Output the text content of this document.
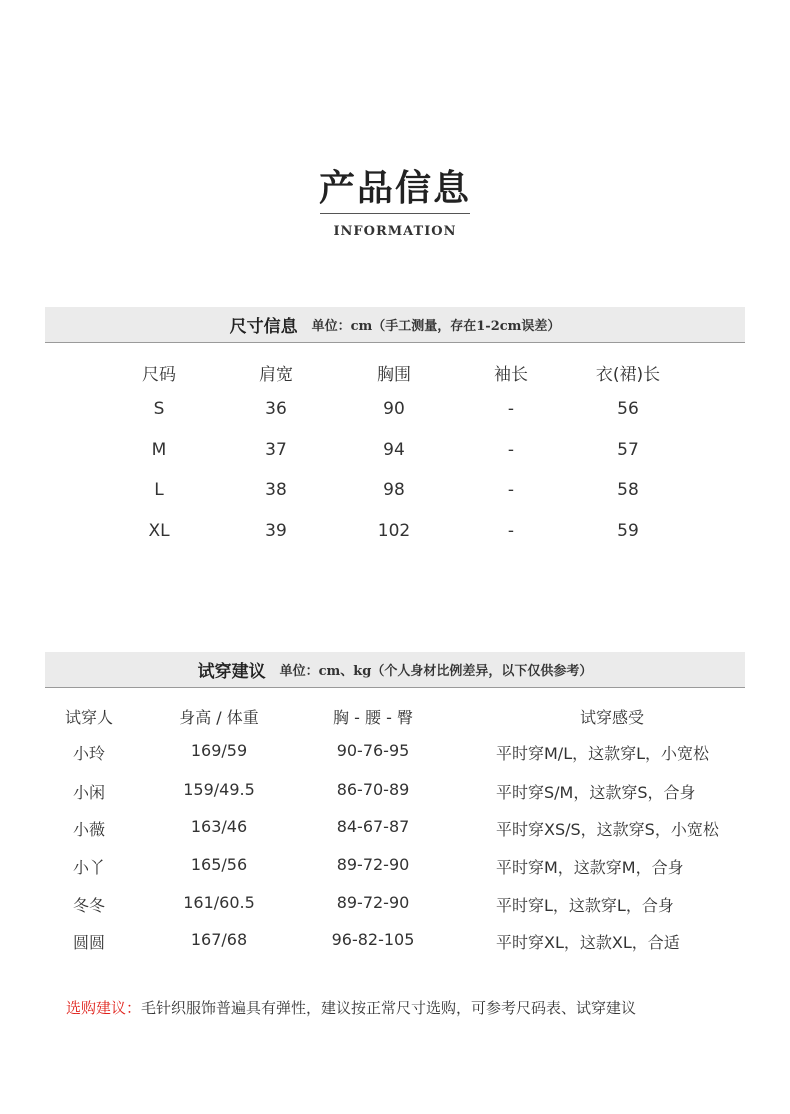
产品信息
INFORMATION
尺寸信息 单位：cm（手工测量，存在1-2cm误差）
尺码	肩宽	胸围	袖长	衣(裙)长
S	36	90	-	56
M	37	94	-	57
L	38	98	-	58
XL	39	102	-	59
试穿建议 单位：cm、kg（个人身材比例差异，以下仅供参考）
试穿人	身高 / 体重	胸 - 腰 - 臀	试穿感受
小玲	169/59	90-76-95	平时穿M/L，这款穿L，小宽松
小闲	159/49.5	86-70-89	平时穿S/M，这款穿S，合身
小薇	163/46	84-67-87	平时穿XS/S，这款穿S，小宽松
小丫	165/56	89-72-90	平时穿M，这款穿M，合身
冬冬	161/60.5	89-72-90	平时穿L，这款穿L，合身
圆圆	167/68	96-82-105	平时穿XL，这款XL，合适
选购建议：毛针织服饰普遍具有弹性，建议按正常尺寸选购，可参考尺码表、试穿建议
